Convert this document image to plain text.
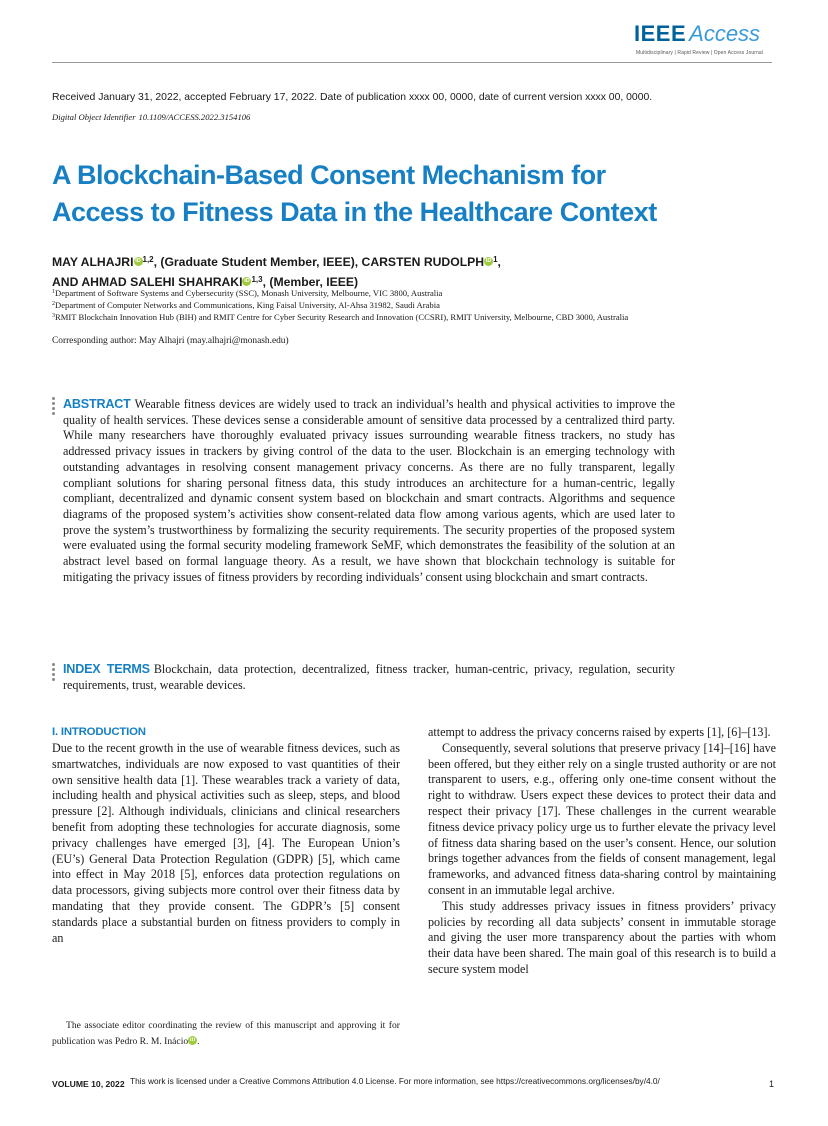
IEEE Access
Multidisciplinary | Rapid Review | Open Access Journal
Received January 31, 2022, accepted February 17, 2022. Date of publication xxxx 00, 0000, date of current version xxxx 00, 0000.
Digital Object Identifier 10.1109/ACCESS.2022.3154106
A Blockchain-Based Consent Mechanism for
Access to Fitness Data in the Healthcare Context
MAY ALHAJRI iD $^{1,2}$, (Graduate Student Member, IEEE), CARSTEN RUDOLPH iD $^1$,
AND AHMAD SALEHI SHAHRAKI iD $^{1,3}$, (Member, IEEE)
$^1$Department of Software Systems and Cybersecurity (SSC), Monash University, Melbourne, VIC 3800, Australia
$^2$Department of Computer Networks and Communications, King Faisal University, Al-Ahsa 31982, Saudi Arabia
$^3$RMIT Blockchain Innovation Hub (BIH) and RMIT Centre for Cyber Security Research and Innovation (CCSRI), RMIT University, Melbourne, CBD 3000, Australia
Corresponding author: May Alhajri (may.alhajri@monash.edu)
ABSTRACT Wearable fitness devices are widely used to track an individual’s health and physical activities to improve the quality of health services. These devices sense a considerable amount of sensitive data processed by a centralized third party. While many researchers have thoroughly evaluated privacy issues surrounding wearable fitness trackers, no study has addressed privacy issues in trackers by giving control of the data to the user. Blockchain is an emerging technology with outstanding advantages in resolving consent management privacy concerns. As there are no fully transparent, legally compliant solutions for sharing personal fitness data, this study introduces an architecture for a human-centric, legally compliant, decentralized and dynamic consent system based on blockchain and smart contracts. Algorithms and sequence diagrams of the proposed system’s activities show consent-related data flow among various agents, which are used later to prove the system’s trustworthiness by formalizing the security requirements. The security properties of the proposed system were evaluated using the formal security modeling framework SeMF, which demonstrates the feasibility of the solution at an abstract level based on formal language theory. As a result, we have shown that blockchain technology is suitable for mitigating the privacy issues of fitness providers by recording individuals’ consent using blockchain and smart contracts.
INDEX TERMS Blockchain, data protection, decentralized, fitness tracker, human-centric, privacy, regulation, security requirements, trust, wearable devices.
I. INTRODUCTION

Due to the recent growth in the use of wearable fitness devices, such as smartwatches, individuals are now exposed to vast quantities of their own sensitive health data [1]. These wearables track a variety of data, including health and physical activities such as sleep, steps, and blood pressure [2]. Although individuals, clinicians and clinical researchers benefit from adopting these technologies for accurate diagnosis, some privacy challenges have emerged [3], [4]. The European Union’s (EU’s) General Data Protection Regulation (GDPR) [5], which came into effect in May 2018 [5], enforces data protection regulations on data processors, giving subjects more control over their fitness data by mandating that they provide consent. The GDPR’s [5] consent standards place a substantial burden on fitness providers to comply in an

attempt to address the privacy concerns raised by experts [1], [6]–[13].

Consequently, several solutions that preserve privacy [14]–[16] have been offered, but they either rely on a single trusted authority or are not transparent to users, e.g., offering only one-time consent without the right to withdraw. Users expect these devices to protect their data and respect their privacy [17]. These challenges in the current wearable fitness device privacy policy urge us to further elevate the privacy level of fitness data sharing based on the user’s consent. Hence, our solution brings together advances from the fields of consent management, legal frameworks, and advanced fitness data-sharing control by maintaining consent in an immutable legal archive.

This study addresses privacy issues in fitness providers’ privacy policies by recording all data subjects’ consent in immutable storage and giving the user more transparency about the parties with whom their data have been shared. The main goal of this research is to build a secure system model

The associate editor coordinating the review of this manuscript and approving it for publication was Pedro R. M. Inácio iD .
VOLUME 10, 2022 This work is licensed under a Creative Commons Attribution 4.0 License. For more information, see https://creativecommons.org/licenses/by/4.0/	1
